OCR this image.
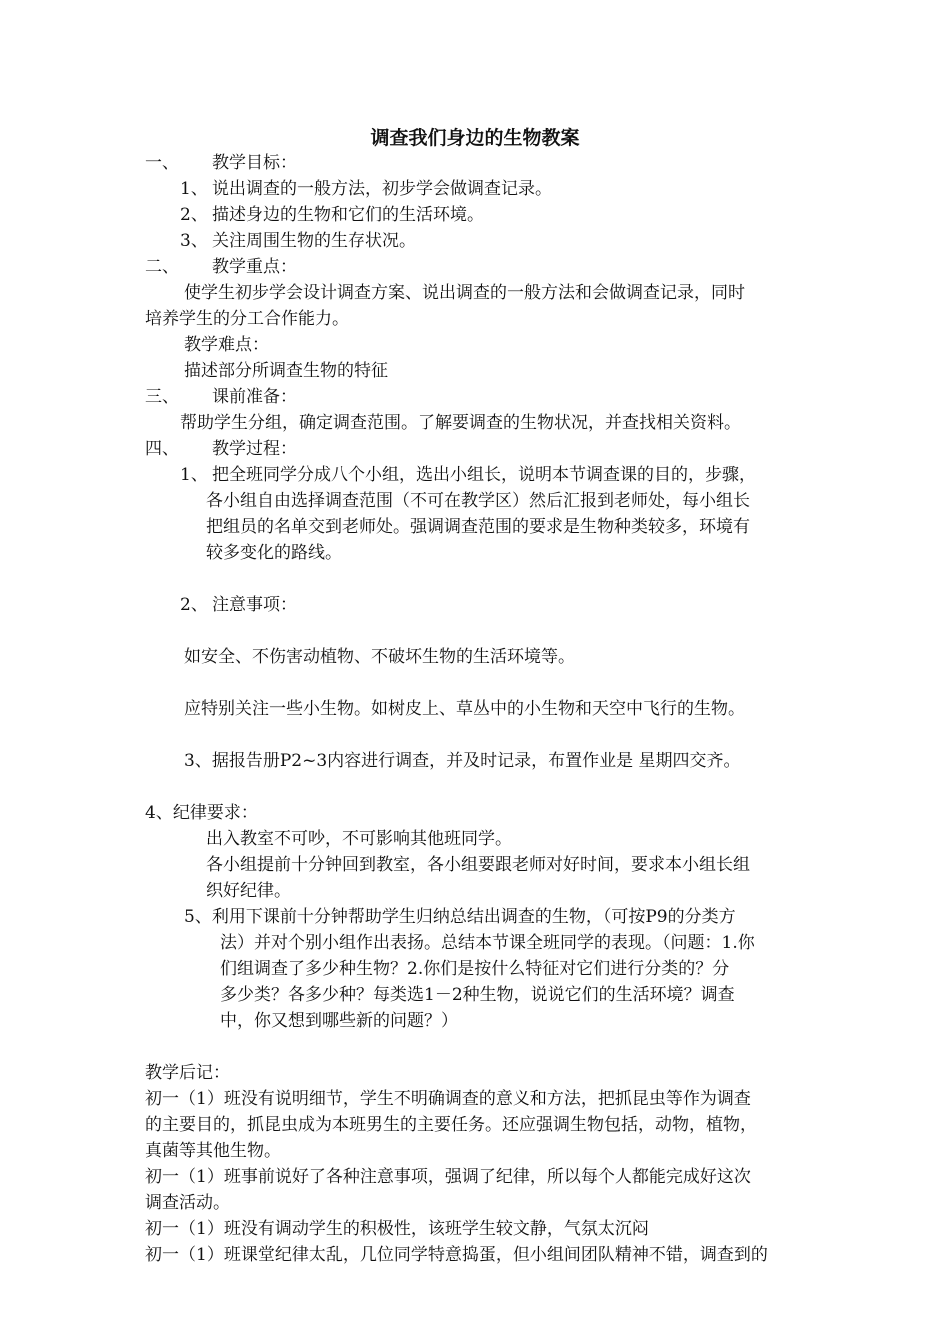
调查我们身边的生物教案
一、 教学目标：
1、 说出调查的一般方法，初步学会做调查记录。
2、 描述身边的生物和它们的生活环境。
3、 关注周围生物的生存状况。
二、 教学重点：
使学生初步学会设计调查方案、说出调查的一般方法和会做调查记录，同时
培养学生的分工合作能力。
教学难点：
描述部分所调查生物的特征
三、 课前准备：
帮助学生分组，确定调查范围。了解要调查的生物状况，并查找相关资料。
四、 教学过程：
1、 把全班同学分成八个小组，选出小组长，说明本节调查课的目的，步骤，
各小组自由选择调查范围（不可在教学区）然后汇报到老师处，每小组长
把组员的名单交到老师处。强调调查范围的要求是生物种类较多，环境有
较多变化的路线。
2、 注意事项：
如安全、不伤害动植物、不破坏生物的生活环境等。
应特别关注一些小生物。如树皮上、草丛中的小生物和天空中飞行的生物。
3、据报告册P2~3内容进行调查，并及时记录，布置作业是 星期四交齐。
4、纪律要求：
出入教室不可吵，不可影响其他班同学。
各小组提前十分钟回到教室，各小组要跟老师对好时间，要求本小组长组
织好纪律。
5、利用下课前十分钟帮助学生归纳总结出调查的生物，（可按P9的分类方
法）并对个别小组作出表扬。总结本节课全班同学的表现。（问题：1.你
们组调查了多少种生物？2.你们是按什么特征对它们进行分类的？分
多少类？各多少种？每类选1－2种生物，说说它们的生活环境？调查
中，你又想到哪些新的问题？）
教学后记：
初一（1）班没有说明细节，学生不明确调查的意义和方法，把抓昆虫等作为调查
的主要目的，抓昆虫成为本班男生的主要任务。还应强调生物包括，动物，植物，
真菌等其他生物。
初一（1）班事前说好了各种注意事项，强调了纪律，所以每个人都能完成好这次
调查活动。
初一（1）班没有调动学生的积极性，该班学生较文静，气氛太沉闷
初一（1）班课堂纪律太乱，几位同学特意捣蛋，但小组间团队精神不错，调查到的
